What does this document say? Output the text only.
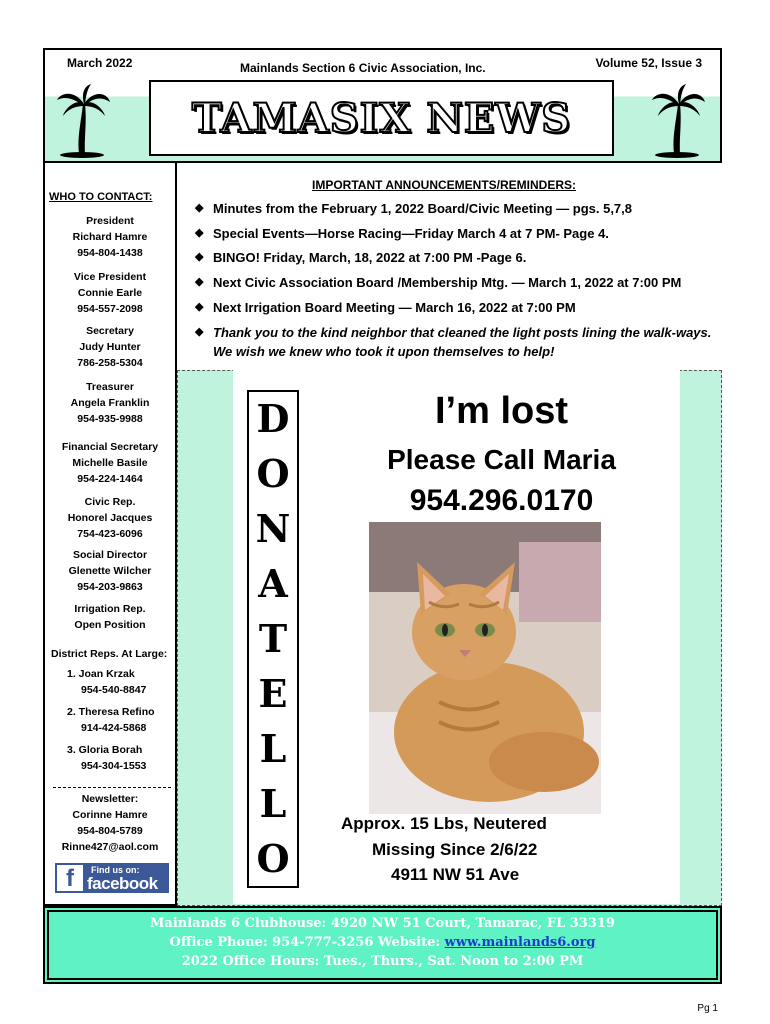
March 2022	Mainlands Section 6 Civic Association, Inc.	Volume 52, Issue 3
TAMASIX NEWS
WHO TO CONTACT:
President
Richard Hamre
954-804-1438
Vice President
Connie Earle
954-557-2098
Secretary
Judy Hunter
786-258-5304
Treasurer
Angela Franklin
954-935-9988
Financial Secretary
Michelle Basile
954-224-1464
Civic Rep.
Honorel Jacques
754-423-6096
Social Director
Glenette Wilcher
954-203-9863
Irrigation Rep.
Open Position
District Reps. At Large:
1. Joan Krzak
954-540-8847
2. Theresa Refino
914-424-5868
3. Gloria Borah
954-304-1553
Newsletter:
Corinne Hamre
954-804-5789
Rinne427@aol.com
f	Find us on:
facebook
IMPORTANT ANNOUNCEMENTS/REMINDERS:
◆ Minutes from the February 1, 2022 Board/Civic Meeting — pgs. 5,7,8
◆ Special Events—Horse Racing—Friday March 4 at 7 PM- Page 4.
◆ BINGO! Friday, March, 18, 2022 at 7:00 PM -Page 6.
◆ Next Civic Association Board /Membership Mtg. — March 1, 2022 at 7:00 PM
◆ Next Irrigation Board Meeting — March 16, 2022 at 7:00 PM
◆ Thank you to the kind neighbor that cleaned the light posts lining the walk-ways. We wish we knew who took it upon themselves to help!
D
O
N
A
T
E
L
L
O
I’m lost
Please Call Maria
954.296.0170
Approx. 15 Lbs, Neutered
Missing Since 2/6/22
4911 NW 51 Ave
Mainlands 6 Clubhouse: 4920 NW 51 Court, Tamarac, FL 33319
Office Phone: 954-777-3256 Website: www.mainlands6.org
2022 Office Hours: Tues., Thurs., Sat. Noon to 2:00 PM
Pg 1
